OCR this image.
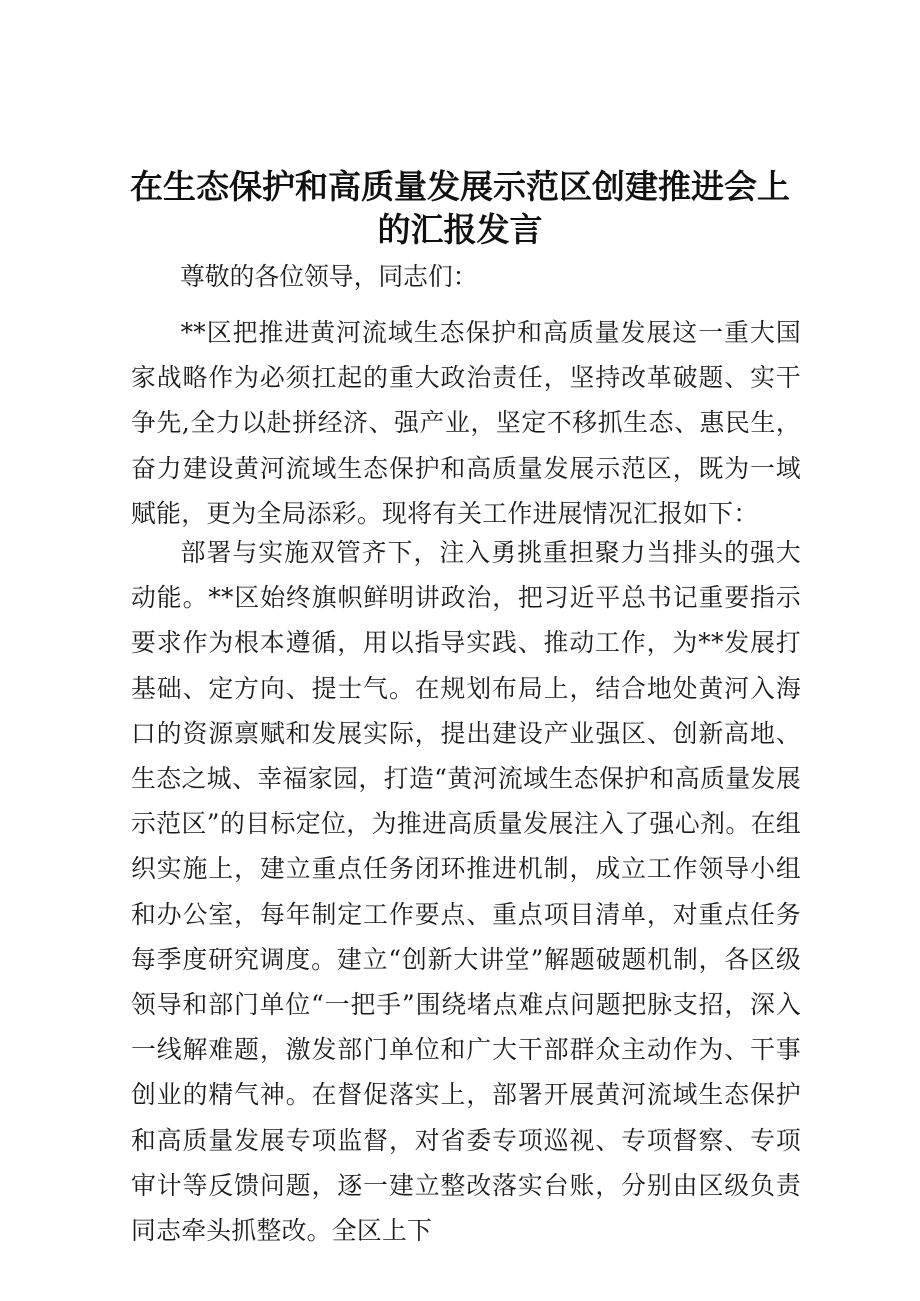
在生态保护和高质量发展示范区创建推进会上
的汇报发言

尊敬的各位领导，同志们：

**区把推进黄河流域生态保护和高质量发展这一重大国家战略作为必须扛起的重大政治责任，坚持改革破题、实干争先,全力以赴拼经济、强产业，坚定不移抓生态、惠民生，奋力建设黄河流域生态保护和高质量发展示范区，既为一域赋能，更为全局添彩。现将有关工作进展情况汇报如下：

部署与实施双管齐下，注入勇挑重担聚力当排头的强大动能。**区始终旗帜鲜明讲政治，把习近平总书记重要指示要求作为根本遵循，用以指导实践、推动工作，为**发展打基础、定方向、提士气。在规划布局上，结合地处黄河入海口的资源禀赋和发展实际，提出建设产业强区、创新高地、生态之城、幸福家园，打造“黄河流域生态保护和高质量发展示范区”的目标定位，为推进高质量发展注入了强心剂。在组织实施上，建立重点任务闭环推进机制，成立工作领导小组和办公室，每年制定工作要点、重点项目清单，对重点任务每季度研究调度。建立“创新大讲堂”解题破题机制，各区级领导和部门单位“一把手”围绕堵点难点问题把脉支招，深入一线解难题，激发部门单位和广大干部群众主动作为、干事创业的精气神。在督促落实上，部署开展黄河流域生态保护和高质量发展专项监督，对省委专项巡视、专项督察、专项审计等反馈问题，逐一建立整改落实台账，分别由区级负责同志牵头抓整改。全区上下
